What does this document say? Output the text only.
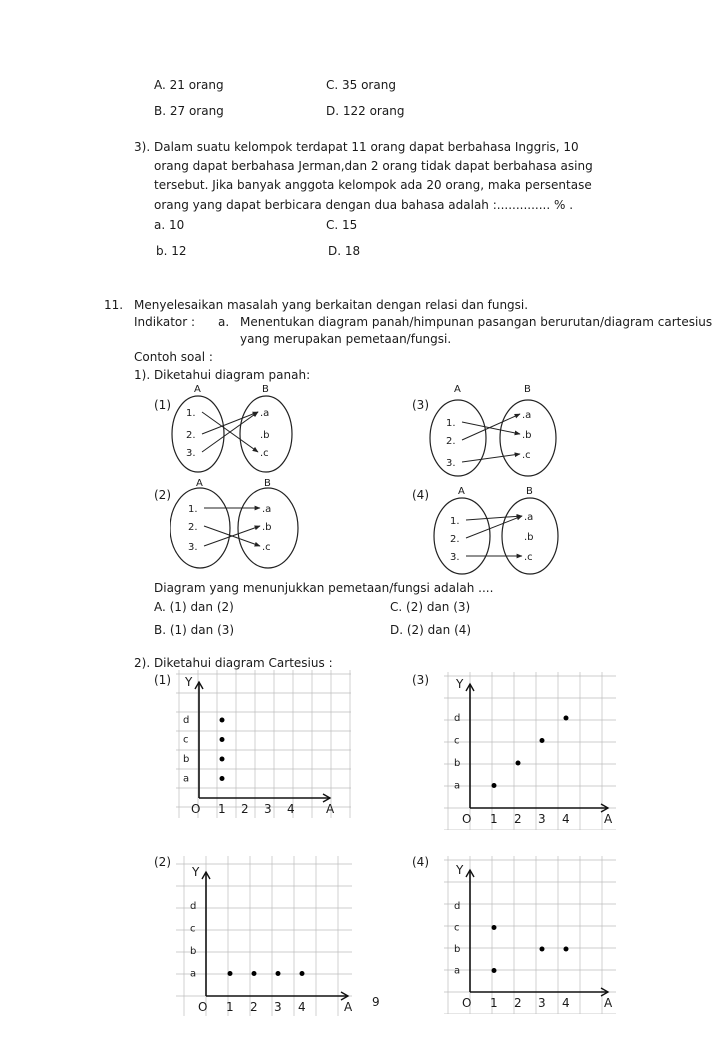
A. 21 orang	C. 35 orang
B. 27 orang	D. 122 orang
3). Dalam suatu kelompok terdapat 11 orang dapat berbahasa Inggris, 10
orang dapat berbahasa Jerman,dan 2 orang tidak dapat berbahasa asing
tersebut. Jika banyak anggota kelompok ada 20 orang, maka persentase
orang yang dapat berbicara dengan dua bahasa adalah :.............. % .
a. 10	C. 15
b. 12	D. 18
11. Menyelesaikan masalah yang berkaitan dengan relasi dan fungsi.
Indikator : a. Menentukan diagram panah/himpunan pasangan berurutan/diagram cartesius
yang merupakan pemetaan/fungsi.
Contoh soal :
1). Diketahui diagram panah:
(1)
(2)
(3)
(4)
A	B
1.	.a
2.	.b
3.	.c
A	B
1.	.a
2.	.b
3.	.c
A	B
1.
.a
2.
.b
3.
.c
A	B
1.	.a
2.	.b
3.	.c
Diagram yang menunjukkan pemetaan/fungsi adalah ....
A. (1) dan (2)	C. (2) dan (3)
B. (1) dan (3)	D. (2) dan (4)
2). Diketahui diagram Cartesius :
(1)	(3)
(2)	(4)
Y
A
O 1
a
2
b
3
c
4
d
Y
A
O 1
a
2
b
3
c
4
d
Y
A
O 1
a
2
b
3
c
4
d
Y
A
O 1
a
2
b
3
c
4
d
9
